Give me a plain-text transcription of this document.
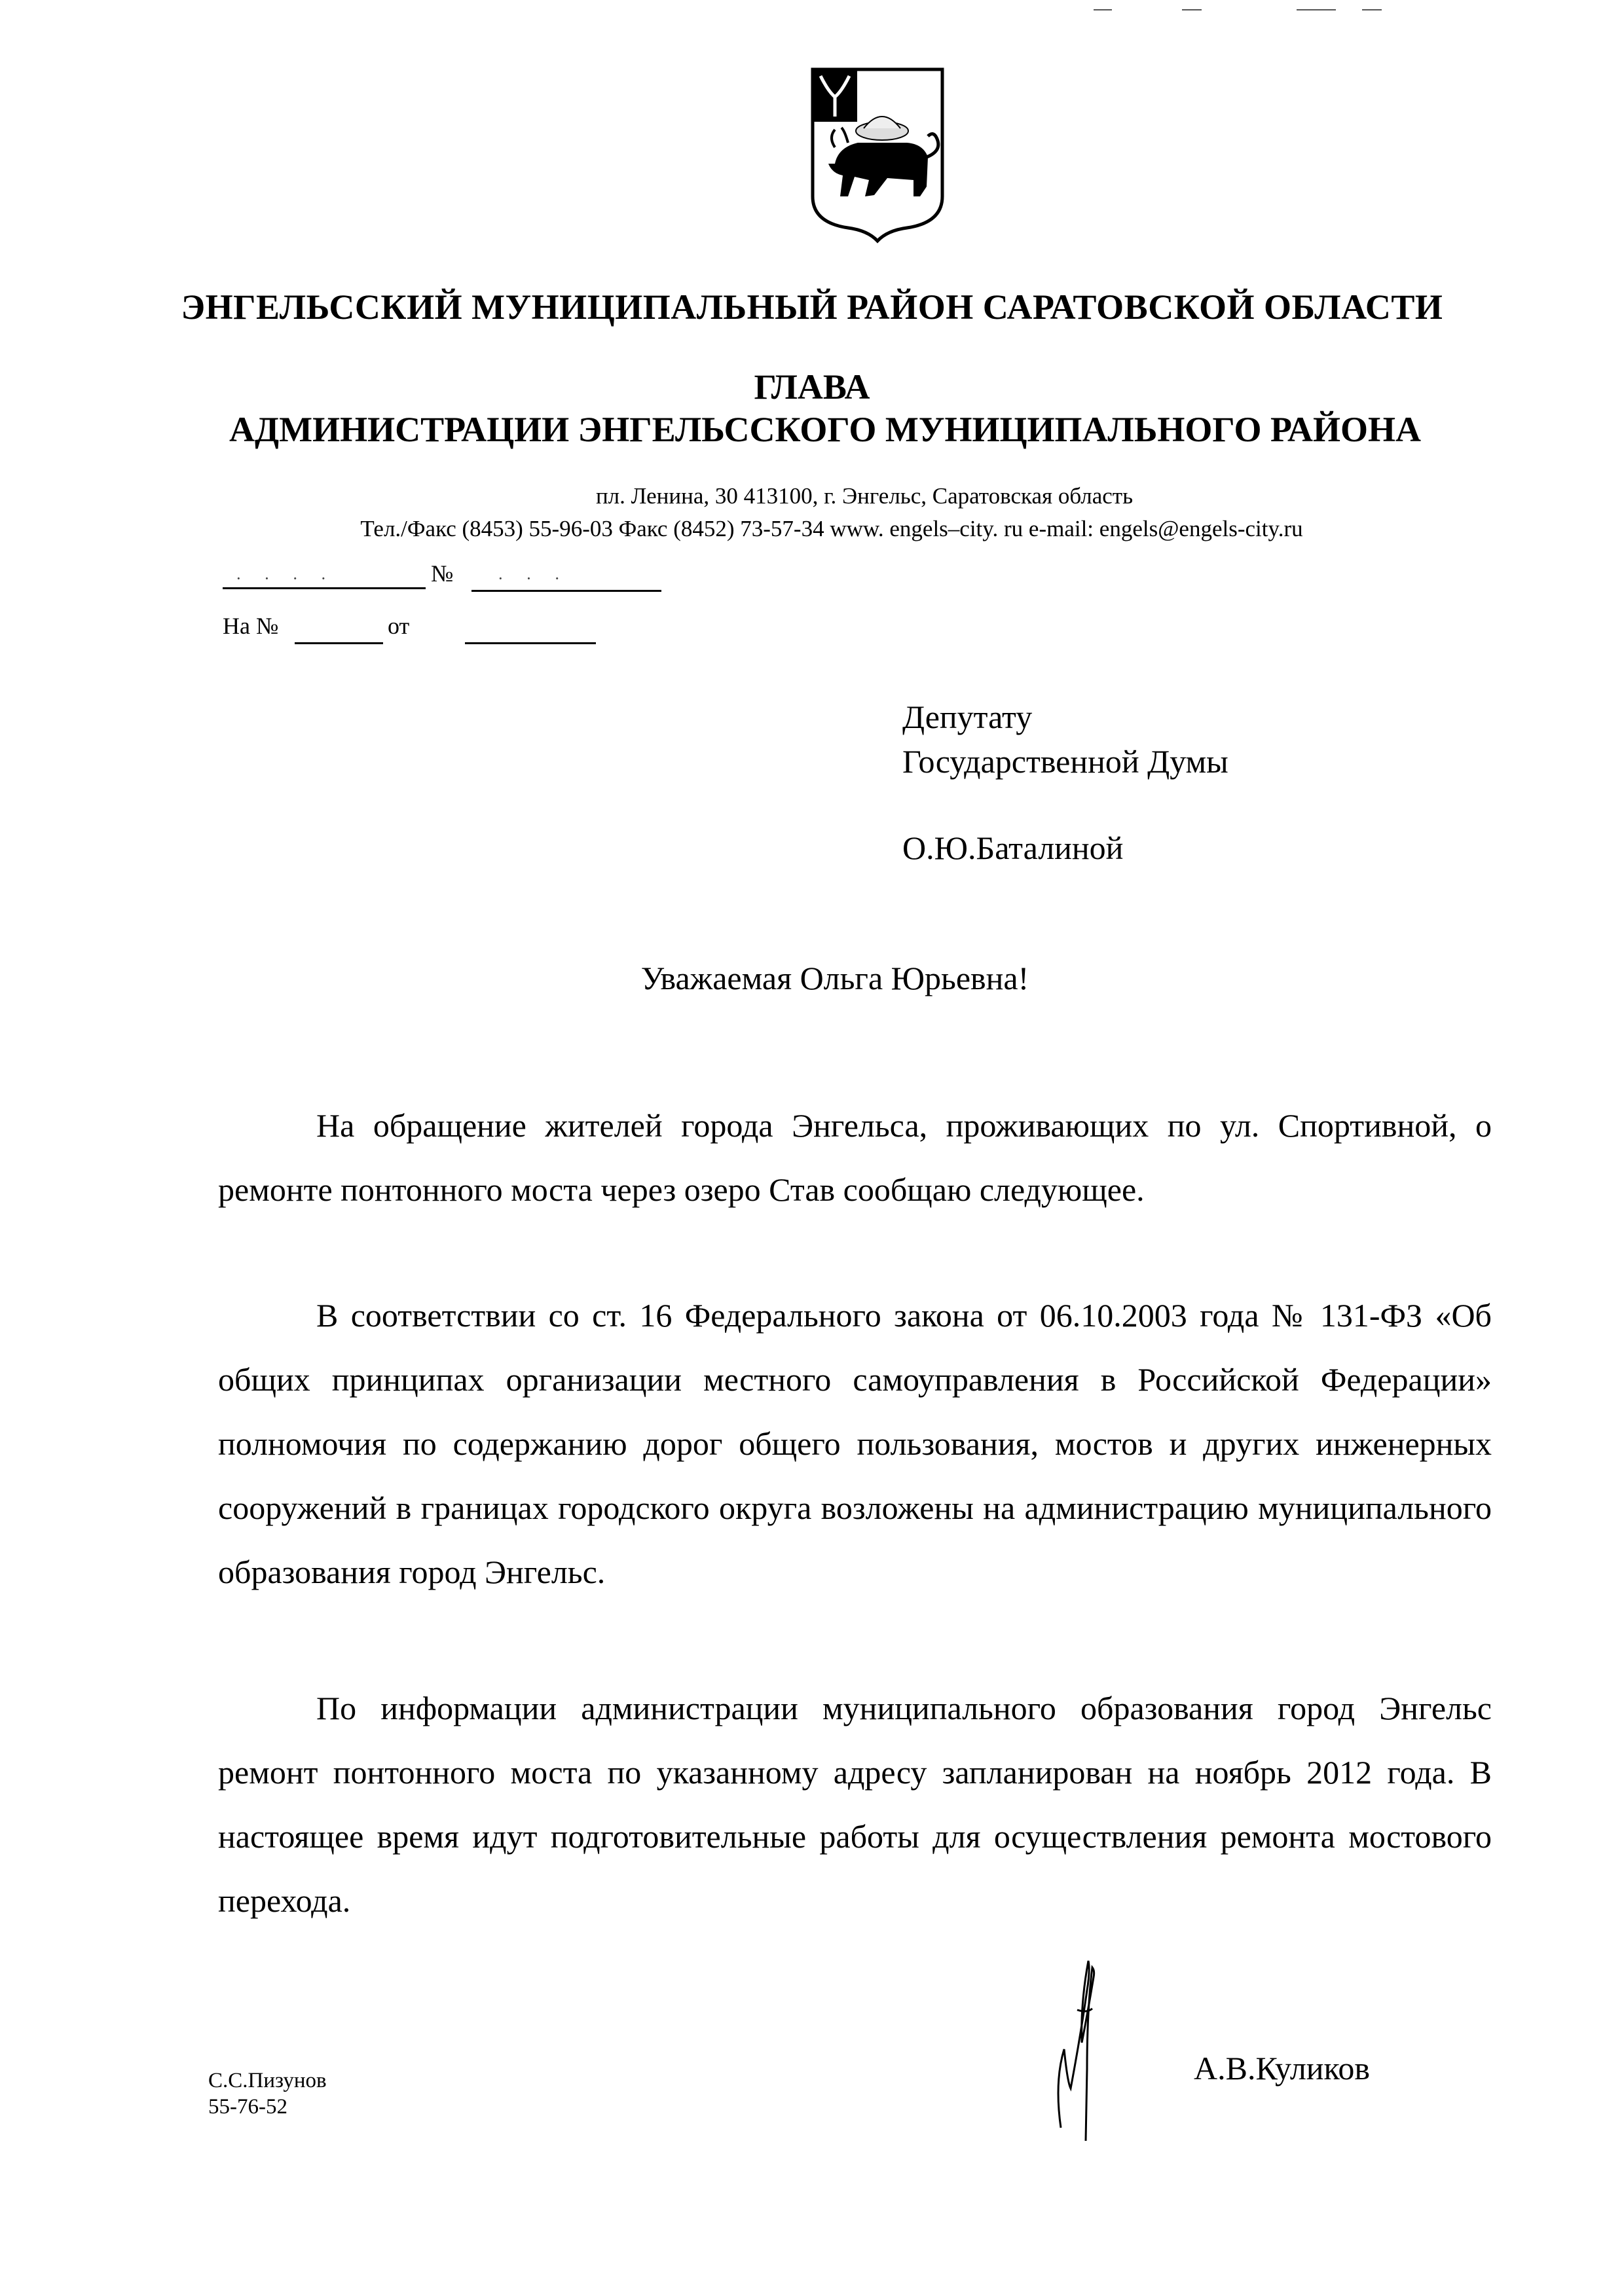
ЭНГЕЛЬССКИЙ МУНИЦИПАЛЬНЫЙ РАЙОН САРАТОВСКОЙ ОБЛАСТИ
ГЛАВА
АДМИНИСТРАЦИИ ЭНГЕЛЬССКОГО МУНИЦИПАЛЬНОГО РАЙОНА
пл. Ленина, 30 413100, г. Энгельс, Саратовская область
Тел./Факс (8453) 55-96-03 Факс (8452) 73-57-34 www. engels–city. ru e-mail: engels@engels-city.ru
· · · ·	№	· · ·
На №	от
Депутату
Государственной Думы
О.Ю.Баталиной
Уважаемая Ольга Юрьевна!

На обращение жителей города Энгельса, проживающих по ул. Спортивной, о ремонте понтонного моста через озеро Став сообщаю следующее.

В соответствии со ст. 16 Федерального закона от 06.10.2003 года № 131-ФЗ «Об общих принципах организации местного самоуправления в Российской Федерации» полномочия по содержанию дорог общего пользования, мостов и других инженерных сооружений в границах городского округа возложены на администрацию муниципального образования город Энгельс.

По информации администрации муниципального образования город Энгельс ремонт понтонного моста по указанному адресу запланирован на ноябрь 2012 года. В настоящее время идут подготовительные работы для осуществления ремонта мостового перехода.

А.В.Куликов
С.С.Пизунов
55-76-52
